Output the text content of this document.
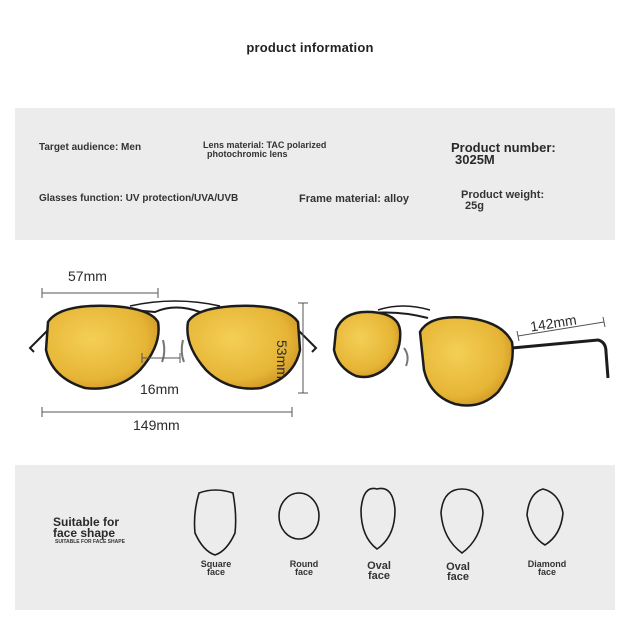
product information
Target audience: Men	Lens material: TAC polarized
photochromic lens	Product number:
3025M
Glasses function: UV protection/UVA/UVB	Frame material: alloy	Product weight:
25g
57mm
16mm
149mm
53mm
142mm
Suitable for
face shape
SUITABLE FOR FACE SHAPE
Square
face
Round
face	Oval
face
Oval
face
Diamond
face
